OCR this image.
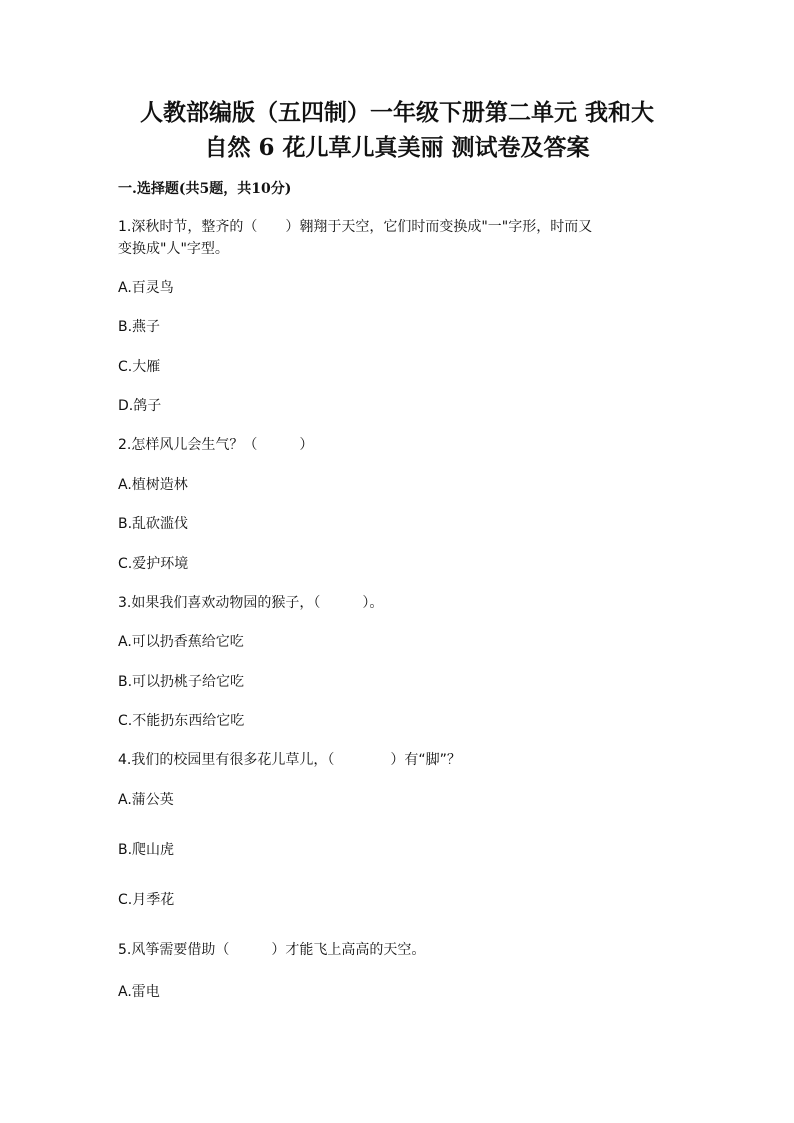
人教部编版（五四制）一年级下册第二单元 我和大
自然 6 花儿草儿真美丽 测试卷及答案
一.选择题(共5题，共10分)
1.深秋时节，整齐的（　　）翱翔于天空，它们时而变换成"一"字形，时而又
变换成"人"字型。
A.百灵鸟
B.燕子
C.大雁
D.鸽子
2.怎样风儿会生气？（　　　）
A.植树造林
B.乱砍滥伐
C.爱护环境
3.如果我们喜欢动物园的猴子，（　　　）。
A.可以扔香蕉给它吃
B.可以扔桃子给它吃
C.不能扔东西给它吃
4.我们的校园里有很多花儿草儿，（　　　　）有“脚”？
A.蒲公英
B.爬山虎
C.月季花
5.风筝需要借助（　　　）才能飞上高高的天空。
A.雷电
